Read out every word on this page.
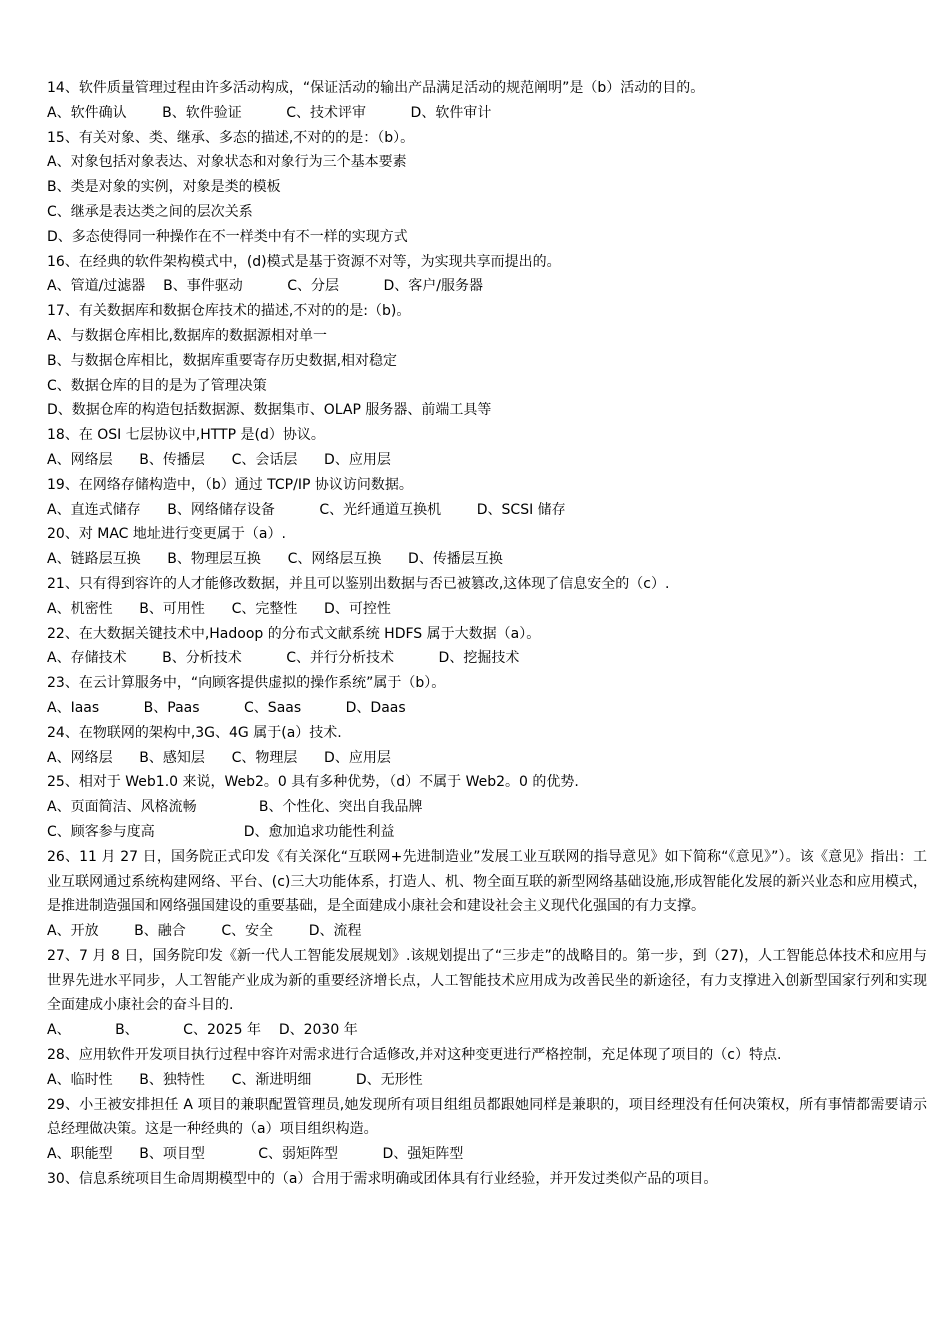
14、软件质量管理过程由许多活动构成，“保证活动的输出产品满足活动的规范阐明”是（b）活动的目的。
A、软件确认        B、软件验证          C、技术评审          D、软件审计
15、有关对象、类、继承、多态的描述,不对的的是：（b）。
A、对象包括对象表达、对象状态和对象行为三个基本要素
B、类是对象的实例，对象是类的模板
C、继承是表达类之间的层次关系
D、多态使得同一种操作在不一样类中有不一样的实现方式
16、在经典的软件架构模式中，(d)模式是基于资源不对等，为实现共享而提出的。
A、管道/过滤器    B、事件驱动          C、分层          D、客户/服务器
17、有关数据库和数据仓库技术的描述,不对的的是:（b)。
A、与数据仓库相比,数据库的数据源相对单一
B、与数据仓库相比，数据库重要寄存历史数据,相对稳定
C、数据仓库的目的是为了管理决策
D、数据仓库的构造包括数据源、数据集市、OLAP 服务器、前端工具等
18、在 OSI 七层协议中,HTTP 是(d）协议。
A、网络层      B、传播层      C、会话层      D、应用层
19、在网络存储构造中，（b）通过 TCP/IP 协议访问数据。
A、直连式储存      B、网络储存设备          C、光纤通道互换机        D、SCSI 储存
20、对 MAC 地址进行变更属于（a）.
A、链路层互换      B、物理层互换      C、网络层互换      D、传播层互换
21、只有得到容许的人才能修改数据，并且可以鉴别出数据与否已被篡改,这体现了信息安全的（c）.
A、机密性      B、可用性      C、完整性      D、可控性
22、在大数据关键技术中,Hadoop 的分布式文献系统 HDFS 属于大数据（a）。
A、存储技术        B、分析技术          C、并行分析技术          D、挖掘技术
23、在云计算服务中，“向顾客提供虚拟的操作系统”属于（b）。
A、Iaas          B、Paas          C、Saas          D、Daas
24、在物联网的架构中,3G、4G 属于(a）技术.
A、网络层      B、感知层      C、物理层      D、应用层
25、相对于 Web1.0 来说，Web2。0 具有多种优势，（d）不属于 Web2。0 的优势.
A、页面简洁、风格流畅              B、个性化、突出自我品牌
C、顾客参与度高                    D、愈加追求功能性利益
26、11 月 27 日，国务院正式印发《有关深化“互联网+先进制造业”发展工业互联网的指导意见》如下简称“《意见》”）。该《意见》指出：工业互联网通过系统构建网络、平台、(c)三大功能体系，打造人、机、物全面互联的新型网络基础设施,形成智能化发展的新兴业态和应用模式，是推进制造强国和网络强国建设的重要基础，是全面建成小康社会和建设社会主义现代化强国的有力支撑。
A、开放        B、融合        C、安全        D、流程
27、7 月 8 日，国务院印发《新一代人工智能发展规划》.该规划提出了“三步走”的战略目的。第一步，到（27)，人工智能总体技术和应用与世界先进水平同步，人工智能产业成为新的重要经济增长点，人工智能技术应用成为改善民坐的新途径，有力支撑进入创新型国家行列和实现全面建成小康社会的奋斗目的.
A、          B、          C、2025 年    D、2030 年
28、应用软件开发项目执行过程中容许对需求进行合适修改,并对这种变更进行严格控制，充足体现了项目的（c）特点.
A、临时性      B、独特性      C、渐进明细          D、无形性
29、小王被安排担任 A 项目的兼职配置管理员,她发现所有项目组组员都跟她同样是兼职的，项目经理没有任何决策权，所有事情都需要请示总经理做决策。这是一种经典的（a）项目组织构造。
A、职能型      B、项目型            C、弱矩阵型          D、强矩阵型
30、信息系统项目生命周期模型中的（a）合用于需求明确或团体具有行业经验，并开发过类似产品的项目。
